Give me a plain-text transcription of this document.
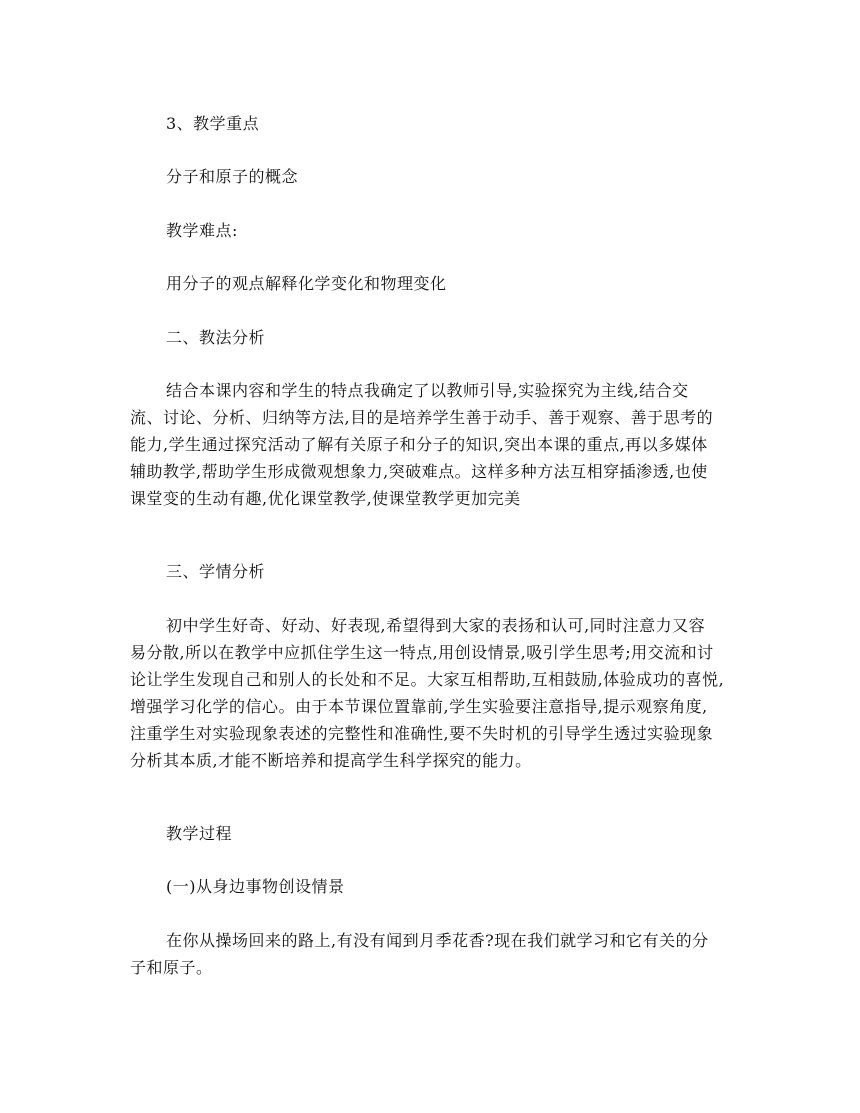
3、教学重点
分子和原子的概念
教学难点:
用分子的观点解释化学变化和物理变化
二、教法分析
结合本课内容和学生的特点我确定了以教师引导,实验探究为主线,结合交
流、讨论、分析、归纳等方法,目的是培养学生善于动手、善于观察、善于思考的
能力,学生通过探究活动了解有关原子和分子的知识,突出本课的重点,再以多媒体
辅助教学,帮助学生形成微观想象力,突破难点。这样多种方法互相穿插渗透,也使
课堂变的生动有趣,优化课堂教学,使课堂教学更加完美
三、学情分析
初中学生好奇、好动、好表现,希望得到大家的表扬和认可,同时注意力又容
易分散,所以在教学中应抓住学生这一特点,用创设情景,吸引学生思考;用交流和讨
论让学生发现自己和别人的长处和不足。大家互相帮助,互相鼓励,体验成功的喜悦,
增强学习化学的信心。由于本节课位置靠前,学生实验要注意指导,提示观察角度,
注重学生对实验现象表述的完整性和准确性,要不失时机的引导学生透过实验现象
分析其本质,才能不断培养和提高学生科学探究的能力。
教学过程
(一)从身边事物创设情景
在你从操场回来的路上,有没有闻到月季花香?现在我们就学习和它有关的分
子和原子。
